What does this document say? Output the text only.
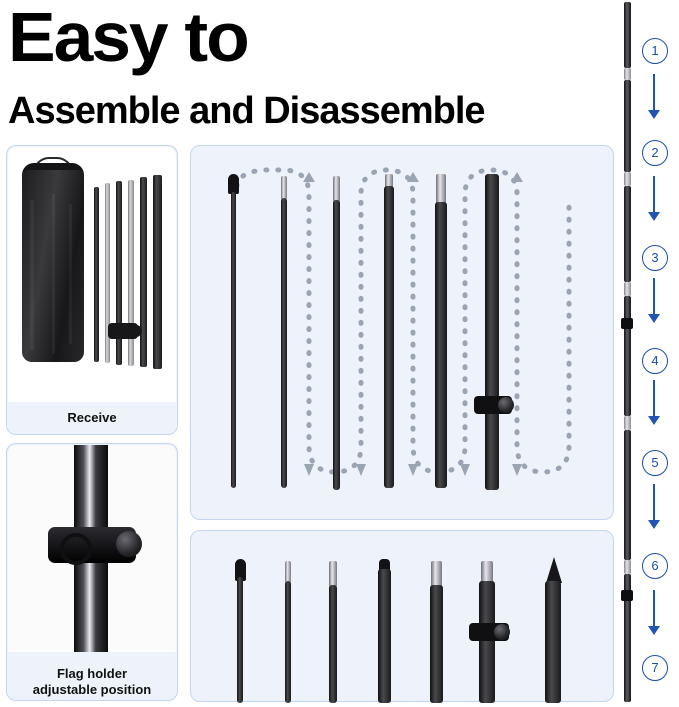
Easy to
Assemble and Disassemble
Receive
Flag holder
adjustable position
1
2
3
4
5
6
7
